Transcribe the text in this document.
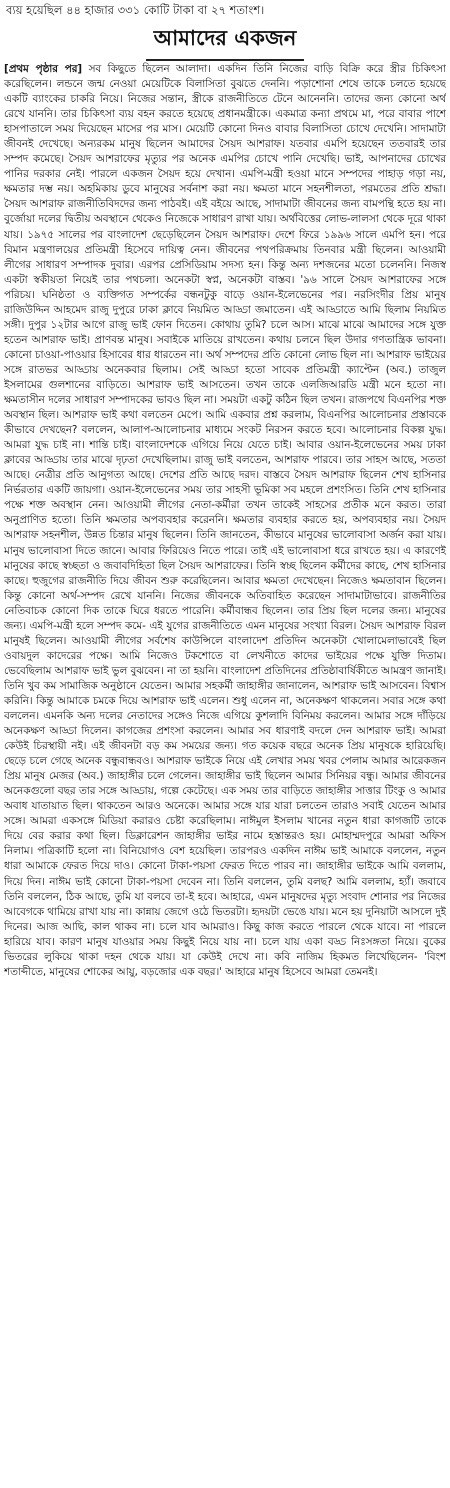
ব্যয় হয়েছিল ৪৪ হাজার ৩৩১ কোটি টাকা বা ২৭ শতাংশ।
আমাদের একজন

[প্রথম পৃষ্ঠার পর] সব কিছুতে ছিলেন আলাদা। একদিন তিনি নিজের বাড়ি বিক্রি করে স্ত্রীর চিকিৎসা করেছিলেন। লন্ডনে জন্ম নেওয়া মেয়েটিকে বিলাসিতা বুঝতে দেননি। পড়াশোনা শেষে তাকে চলতে হয়েছে একটি ব্যাংকের চাকরি নিয়ে। নিজের সন্তান, স্ত্রীকে রাজনীতিতে টেনে আনেননি। তাদের জন্য কোনো অর্থ রেখে যাননি। তার চিকিৎসা ব্যয় বহন করতে হয়েছে প্রধানমন্ত্রীকে। একমাত্র কন্যা প্রথমে মা, পরে বাবার পাশে হাসপাতালে সময় দিয়েছেন মাসের পর মাস। মেয়েটি কোনো দিনও বাবার বিলাসিতা চোখে দেখেনি। সাদামাটা জীবনই দেখেছে। অন্যরকম মানুষ ছিলেন আমাদের সৈয়দ আশরাফ। যতবার এমপি হয়েছেন ততবারই তার সম্পদ কমেছে। সৈয়দ আশরাফের মৃত্যুর পর অনেক এমপির চোখে পানি দেখেছি। ভাই, আপনাদের চোখের পানির দরকার নেই। পারলে একজন সৈয়দ হয়ে দেখান। এমপি-মন্ত্রী হওয়া মানে সম্পদের পাহাড় গড়া নয়, ক্ষমতার দম্ভ নয়। অহমিকায় ডুবে মানুষের সর্বনাশ করা নয়। ক্ষমতা মানে সহনশীলতা, পরমতের প্রতি শ্রদ্ধা। সৈয়দ আশরাফ রাজনীতিবিদদের জন্য পাঠবই। এই বইয়ে আছে, সাদামাটা জীবনের জন্য বামপন্থি হতে হয় না। বুর্জোয়া দলের দ্বিতীয় অবস্থানে থেকেও নিজেকে সাধারণ রাখা যায়। অর্থবিত্তের লোভ-লালসা থেকে দূরে থাকা যায়। ১৯৭৫ সালের পর বাংলাদেশ ছেড়েছিলেন সৈয়দ আশরাফ। দেশে ফিরে ১৯৯৬ সালে এমপি হন। পরে বিমান মন্ত্রণালয়ের প্রতিমন্ত্রী হিসেবে দায়িত্ব নেন। জীবনের পথপরিক্রমায় তিনবার মন্ত্রী ছিলেন। আওয়ামী লীগের সাধারণ সম্পাদক দুবার। এরপর প্রেসিডিয়াম সদস্য হন। কিন্তু অন্য দশজনের মতো চলেননি। নিজস্ব একটা স্বকীয়তা নিয়েই তার পথচলা। অনেকটা স্বপ্ন, অনেকটা বাস্তব। '৯৬ সালে সৈয়দ আশরাফের সঙ্গে পরিচয়। ঘনিষ্ঠতা ও ব্যক্তিগত সম্পর্কের বন্ধনটুকু বাড়ে ওয়ান-ইলেভেনের পর। নরসিংদীর প্রিয় মানুষ রাজিউদ্দিন আহমেদ রাজু দুপুরে ঢাকা ক্লাবে নিয়মিত আড্ডা জমাতেন। এই আড্ডাতে আমি ছিলাম নিয়মিত সঙ্গী। দুপুর ১২টার আগে রাজু ভাই ফোন দিতেন। কোথায় তুমি? চলে আস। মাঝে মাঝে আমাদের সঙ্গে যুক্ত হতেন আশরাফ ভাই। প্রাণবন্ত মানুষ। সবাইকে মাতিয়ে রাখতেন। কথায় চলনে ছিল উদার গণতান্ত্রিক ভাবনা। কোনো চাওয়া-পাওয়ার হিসাবের ধার ধারতেন না। অর্থ সম্পদের প্রতি কোনো লোভ ছিল না। আশরাফ ভাইয়ের সঙ্গে রাতভর আড্ডায় অনেকবার ছিলাম। সেই আড্ডা হতো সাবেক প্রতিমন্ত্রী ক্যাপ্টেন (অব.) তাজুল ইসলামের গুলশানের বাড়িতে। আশরাফ ভাই আসতেন। তখন তাকে এলজিআরডি মন্ত্রী মনে হতো না। ক্ষমতাসীন দলের সাধারণ সম্পাদকের ভাবও ছিল না। সময়টা একটু কঠিন ছিল তখন। রাজপথে বিএনপির শক্ত অবস্থান ছিল। আশরাফ ভাই কথা বলতেন মেপে। আমি একবার প্রশ্ন করলাম, বিএনপির আলোচনার প্রস্তাবকে কীভাবে দেখছেন? বললেন, আলাপ-আলোচনার মাধ্যমে সংকট নিরসন করতে হবে। আলোচনার বিকল্প যুদ্ধ। আমরা যুদ্ধ চাই না। শান্তি চাই। বাংলাদেশকে এগিয়ে নিয়ে যেতে চাই। আবার ওয়ান-ইলেভেনের সময় ঢাকা ক্লাবের আড্ডায় তার মাঝে দৃঢ়তা দেখেছিলাম। রাজু ভাই বলতেন, আশরাফ পারবে। তার সাহস আছে, সততা আছে। নেত্রীর প্রতি আনুগত্য আছে। দেশের প্রতি আছে দরদ। বাস্তবে সৈয়দ আশরাফ ছিলেন শেখ হাসিনার নির্ভরতার একটি জায়গা। ওয়ান-ইলেভেনের সময় তার সাহসী ভূমিকা সব মহলে প্রশংসিত। তিনি শেখ হাসিনার পক্ষে শক্ত অবস্থান নেন। আওয়ামী লীগের নেতা-কর্মীরা তখন তাকেই সাহসের প্রতীক মনে করত। তারা অনুপ্রাণিত হতো। তিনি ক্ষমতার অপব্যবহার করেননি। ক্ষমতার ব্যবহার করতে হয়, অপব্যবহার নয়। সৈয়দ আশরাফ সহনশীল, উন্নত চিন্তার মানুষ ছিলেন। তিনি জানতেন, কীভাবে মানুষের ভালোবাসা অর্জন করা যায়। মানুষ ভালোবাসা দিতে জানে। আবার ফিরিয়েও নিতে পারে। তাই এই ভালোবাসা ধরে রাখতে হয়। এ কারণেই মানুষের কাছে স্বচ্ছতা ও জবাবদিহিতা ছিল সৈয়দ আশরাফের। তিনি স্বচ্ছ ছিলেন কর্মীদের কাছে, শেখ হাসিনার কাছে। হুজুগের রাজনীতি দিয়ে জীবন শুরু করেছিলেন। আবার ক্ষমতা দেখেছেন। নিজেও ক্ষমতাবান ছিলেন। কিন্তু কোনো অর্থ-সম্পদ রেখে যাননি। নিজের জীবনকে অতিবাহিত করেছেন সাদামাটাভাবে। রাজনীতির নেতিবাচক কোনো দিক তাকে ঘিরে ধরতে পারেনি। কর্মীবান্ধব ছিলেন। তার প্রিয় ছিল দলের জন্য। মানুষের জন্য। এমপি-মন্ত্রী হলে সম্পদ কমে- এই যুগের রাজনীতিতে এমন মানুষের সংখ্যা বিরল। সৈয়দ আশরাফ বিরল মানুষই ছিলেন। আওয়ামী লীগের সর্বশেষ কাউন্সিলে বাংলাদেশ প্রতিদিন অনেকটা খোলামেলাভাবেই ছিল ওবায়দুল কাদেরের পক্ষে। আমি নিজেও টকশোতে বা লেখনীতে কাদের ভাইয়ের পক্ষে যুক্তি দিতাম। ভেবেছিলাম আশরাফ ভাই ভুল বুঝবেন। না তা হয়নি। বাংলাদেশ প্রতিদিনের প্রতিষ্ঠাবার্ষিকীতে আমন্ত্রণ জানাই। তিনি খুব কম সামাজিক অনুষ্ঠানে যেতেন। আমার সহকর্মী জাহাঙ্গীর জানালেন, আশরাফ ভাই আসবেন। বিশ্বাস করিনি। কিন্তু আমাকে চমকে দিয়ে আশরাফ ভাই এলেন। শুধু এলেন না, অনেকক্ষণ থাকলেন। সবার সঙ্গে কথা বললেন। এমনকি অন্য দলের নেতাদের সঙ্গেও নিজে এগিয়ে কুশলাদি বিনিময় করলেন। আমার সঙ্গে দাঁড়িয়ে অনেকক্ষণ আড্ডা দিলেন। কাগজের প্রশংসা করলেন। আমার সব ধারণাই বদলে দেন আশরাফ ভাই। আমরা কেউই চিরস্থায়ী নই। এই জীবনটা বড় কম সময়ের জন্য। গত কয়েক বছরে অনেক প্রিয় মানুষকে হারিয়েছি। ছেড়ে চলে গেছে অনেক বন্ধুবান্ধবও। আশরাফ ভাইকে নিয়ে এই লেখার সময় খবর পেলাম আমার আরেকজন প্রিয় মানুষ মেজর (অব.) জাহাঙ্গীর চলে গেলেন। জাহাঙ্গীর ভাই ছিলেন আমার সিনিয়র বন্ধু। আমার জীবনের অনেকগুলো বছর তার সঙ্গে আড্ডায়, গল্পে কেটেছে। এক সময় তার বাড়িতে জাহাঙ্গীর সাত্তার টিংকু ও আমার অবাধ যাতায়াত ছিল। থাকতেন আরও অনেকে। আমার সঙ্গে যার যারা চলতেন তারাও সবাই যেতেন আমার সঙ্গে। আমরা একসঙ্গে মিডিয়া করারও চেষ্টা করেছিলাম। নাঈমুল ইসলাম খানের নতুন ধারা কাগজটি তাকে দিয়ে বের করার কথা ছিল। ডিক্লারেশন জাহাঙ্গীর ভাইর নামে হস্তান্তরও হয়। মোহাম্মদপুরে আমরা অফিস নিলাম। পত্রিকাটি হলো না। বিনিয়োগও বেশ হয়েছিল। তারপরও একদিন নাঈম ভাই আমাকে বললেন, নতুন ধারা আমাকে ফেরত দিয়ে দাও। কোনো টাকা-পয়সা ফেরত দিতে পারব না। জাহাঙ্গীর ভাইকে আমি বললাম, দিয়ে দিন। নাঈম ভাই কোনো টাকা-পয়সা দেবেন না। তিনি বললেন, তুমি বলছ? আমি বললাম, হ্যাঁ। জবাবে তিনি বললেন, ঠিক আছে, তুমি যা বলবে তা-ই হবে। আহারে, এমন মানুষদের মৃত্যু সংবাদ শোনার পর নিজের আবেগকে থামিয়ে রাখা যায় না। কান্নায় জেগে ওঠে ভিতরটা। হৃদয়টা ভেঙে যায়। মনে হয় দুনিয়াটা আসলে দুই দিনের। আজ আছি, কাল থাকব না। চলে যাব আমরাও। কিছু কাজ করতে পারলে থেকে যাবে। না পারলে হারিয়ে যাব। কারণ মানুষ যাওয়ার সময় কিছুই নিয়ে যায় না। চলে যায় একা বড্ড নিঃসঙ্গতা নিয়ে। বুকের ভিতরের লুকিয়ে থাকা দহন থেকে যায়। যা কেউই দেখে না। কবি নাজিম হিকমত লিখেছিলেন- 'বিংশ শতাব্দীতে, মানুষের শোকের আয়ু, বড়জোর এক বছর।' আহারে মানুষ হিসেবে আমরা তেমনই।
